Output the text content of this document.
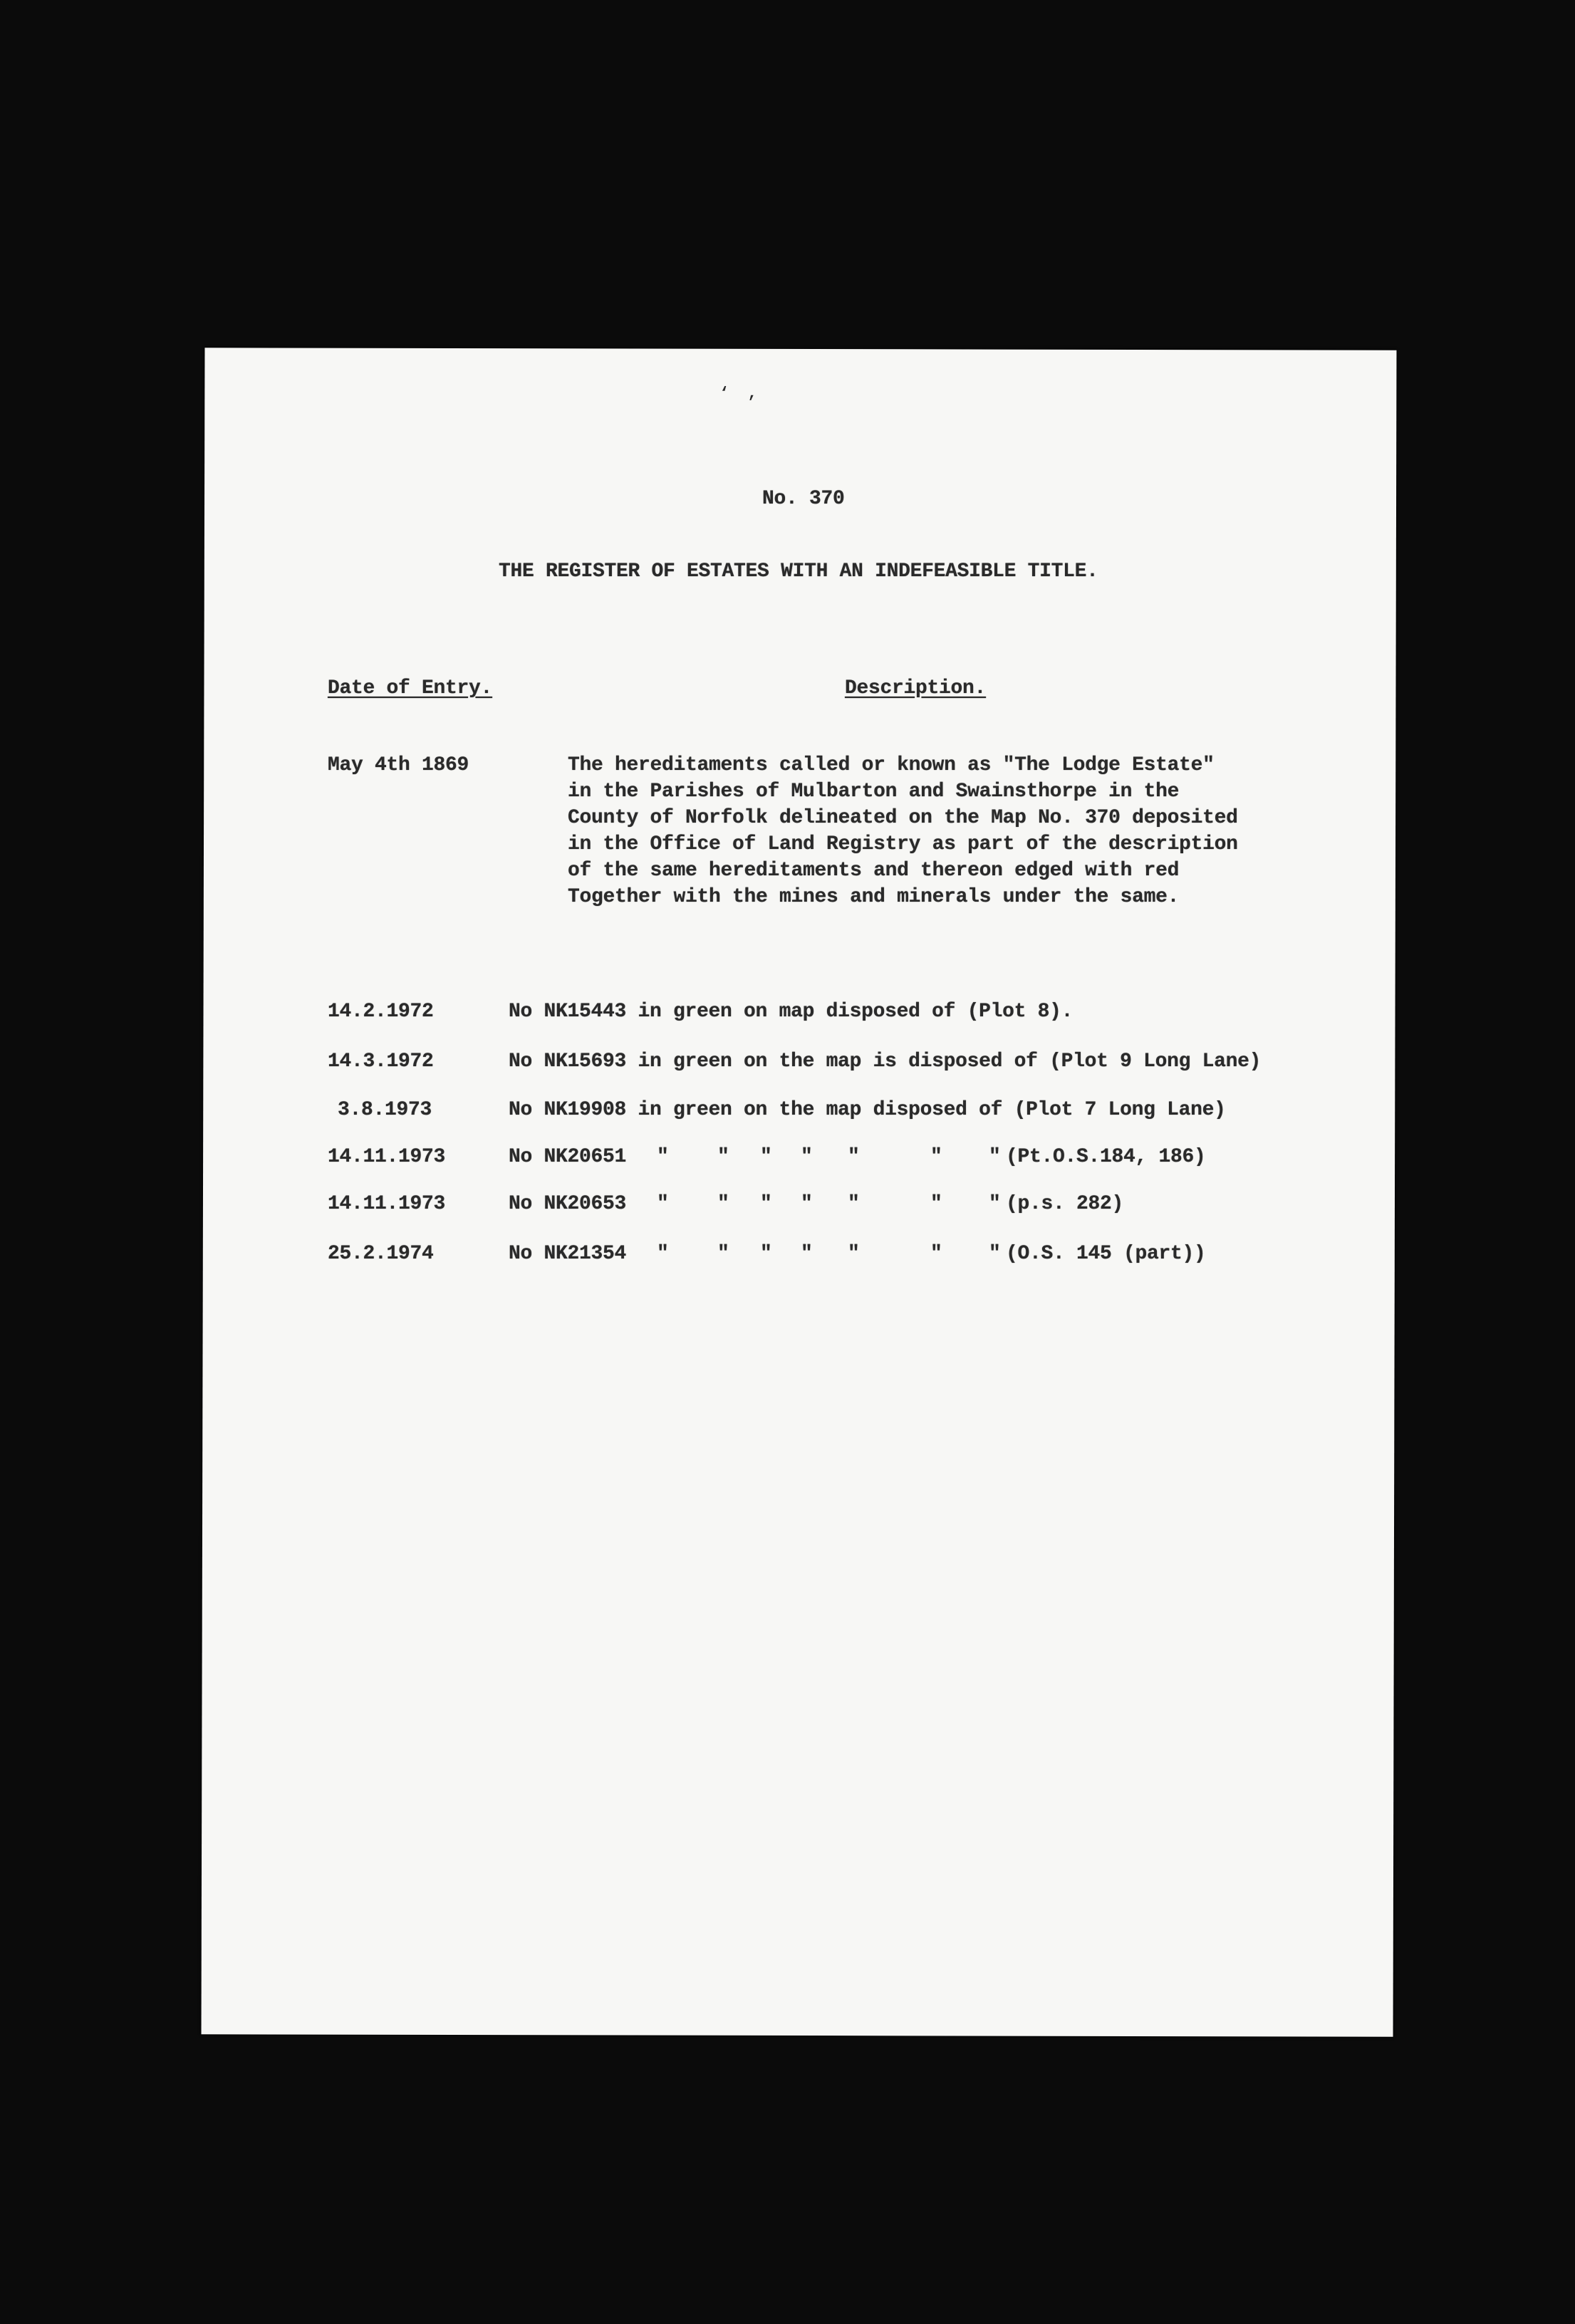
‘  ,
No. 370
THE REGISTER OF ESTATES WITH AN INDEFEASIBLE TITLE.
Date of Entry.	Description.
May 4th 1869	The hereditaments called or known as "The Lodge Estate"
in the Parishes of Mulbarton and Swainsthorpe in the
County of Norfolk delineated on the Map No. 370 deposited
in the Office of Land Registry as part of the description
of the same hereditaments and thereon edged with red
Together with the mines and minerals under the same.
14.2.1972	No NK15443 in green on map disposed of (Plot 8).
14.3.1972	No NK15693 in green on the map is disposed of (Plot 9 Long Lane)
3.8.1973	No NK19908 in green on the map disposed of (Plot 7 Long Lane)
14.11.1973	No NK20651 " " " " "	" " (Pt.O.S.184, 186)
14.11.1973	No NK20653 " " " " "	" " (p.s. 282)
25.2.1974	No NK21354 " " " " "	" " (O.S. 145 (part))
